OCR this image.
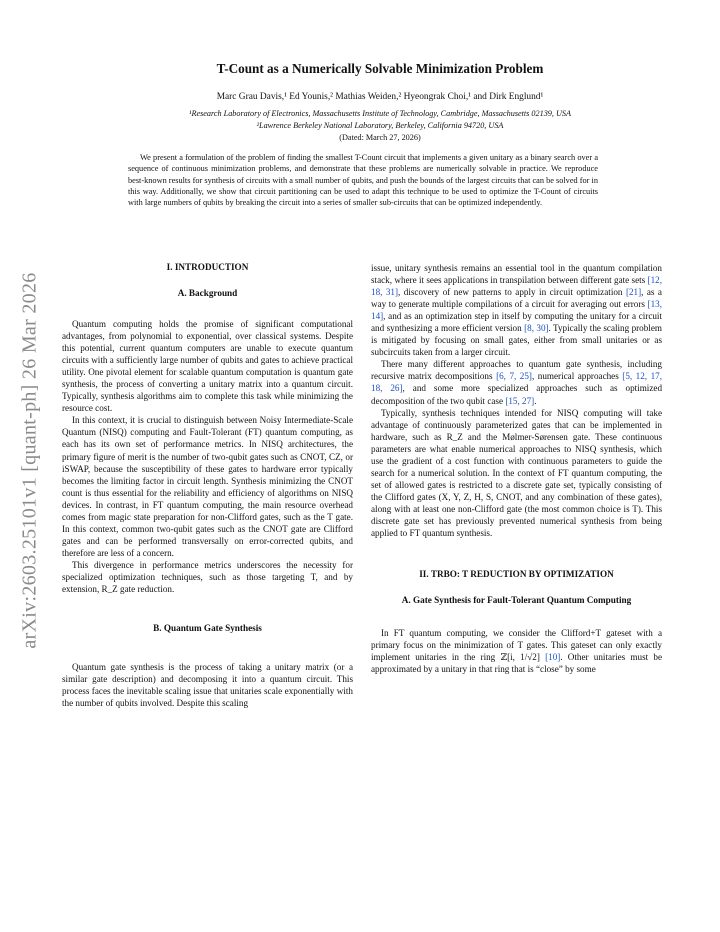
arXiv:2603.25101v1 [quant-ph] 26 Mar 2026
T-Count as a Numerically Solvable Minimization Problem
Marc Grau Davis,¹ Ed Younis,² Mathias Weiden,² Hyeongrak Choi,¹ and Dirk Englund¹
¹Research Laboratory of Electronics, Massachusetts Institute of Technology, Cambridge, Massachusetts 02139, USA
²Lawrence Berkeley National Laboratory, Berkeley, California 94720, USA
(Dated: March 27, 2026)
We present a formulation of the problem of finding the smallest T-Count circuit that implements a given unitary as a binary search over a sequence of continuous minimization problems, and demonstrate that these problems are numerically solvable in practice. We reproduce best-known results for synthesis of circuits with a small number of qubits, and push the bounds of the largest circuits that can be solved for in this way. Additionally, we show that circuit partitioning can be used to adapt this technique to be used to optimize the T-Count of circuits with large numbers of qubits by breaking the circuit into a series of smaller sub-circuits that can be optimized independently.
I. INTRODUCTION
A. Background

Quantum computing holds the promise of significant computational advantages, from polynomial to exponential, over classical systems. Despite this potential, current quantum computers are unable to execute quantum circuits with a sufficiently large number of qubits and gates to achieve practical utility. One pivotal element for scalable quantum computation is quantum gate synthesis, the process of converting a unitary matrix into a quantum circuit. Typically, synthesis algorithms aim to complete this task while minimizing the resource cost.

In this context, it is crucial to distinguish between Noisy Intermediate-Scale Quantum (NISQ) computing and Fault-Tolerant (FT) quantum computing, as each has its own set of performance metrics. In NISQ architectures, the primary figure of merit is the number of two-qubit gates such as CNOT, CZ, or iSWAP, because the susceptibility of these gates to hardware error typically becomes the limiting factor in circuit length. Synthesis minimizing the CNOT count is thus essential for the reliability and efficiency of algorithms on NISQ devices. In contrast, in FT quantum computing, the main resource overhead comes from magic state preparation for non-Clifford gates, such as the T gate. In this context, common two-qubit gates such as the CNOT gate are Clifford gates and can be performed transversally on error-corrected qubits, and therefore are less of a concern.

This divergence in performance metrics underscores the necessity for specialized optimization techniques, such as those targeting T, and by extension, R_Z gate reduction.

B. Quantum Gate Synthesis

Quantum gate synthesis is the process of taking a unitary matrix (or a similar gate description) and decomposing it into a quantum circuit. This process faces the inevitable scaling issue that unitaries scale exponentially with the number of qubits involved. Despite this scaling

issue, unitary synthesis remains an essential tool in the quantum compilation stack, where it sees applications in transpilation between different gate sets [12, 18, 31], discovery of new patterns to apply in circuit optimization [21], as a way to generate multiple compilations of a circuit for averaging out errors [13, 14], and as an optimization step in itself by computing the unitary for a circuit and synthesizing a more efficient version [8, 30]. Typically the scaling problem is mitigated by focusing on small gates, either from small unitaries or as subcircuits taken from a larger circuit.

There many different approaches to quantum gate synthesis, including recursive matrix decompositions [6, 7, 25], numerical approaches [5, 12, 17, 18, 26], and some more specialized approaches such as optimized decomposition of the two qubit case [15, 27].

Typically, synthesis techniques intended for NISQ computing will take advantage of continuously parameterized gates that can be implemented in hardware, such as R_Z and the Mølmer-Sørensen gate. These continuous parameters are what enable numerical approaches to NISQ synthesis, which use the gradient of a cost function with continuous parameters to guide the search for a numerical solution. In the context of FT quantum computing, the set of allowed gates is restricted to a discrete gate set, typically consisting of the Clifford gates (X, Y, Z, H, S, CNOT, and any combination of these gates), along with at least one non-Clifford gate (the most common choice is T). This discrete gate set has previously prevented numerical synthesis from being applied to FT quantum synthesis.

II. TRBO: T REDUCTION BY OPTIMIZATION
A. Gate Synthesis for Fault-Tolerant Quantum Computing

In FT quantum computing, we consider the Clifford+T gateset with a primary focus on the minimization of T gates. This gateset can only exactly implement unitaries in the ring ℤ[i, 1/√2] [10]. Other unitaries must be approximated by a unitary in that ring that is “close” by some
